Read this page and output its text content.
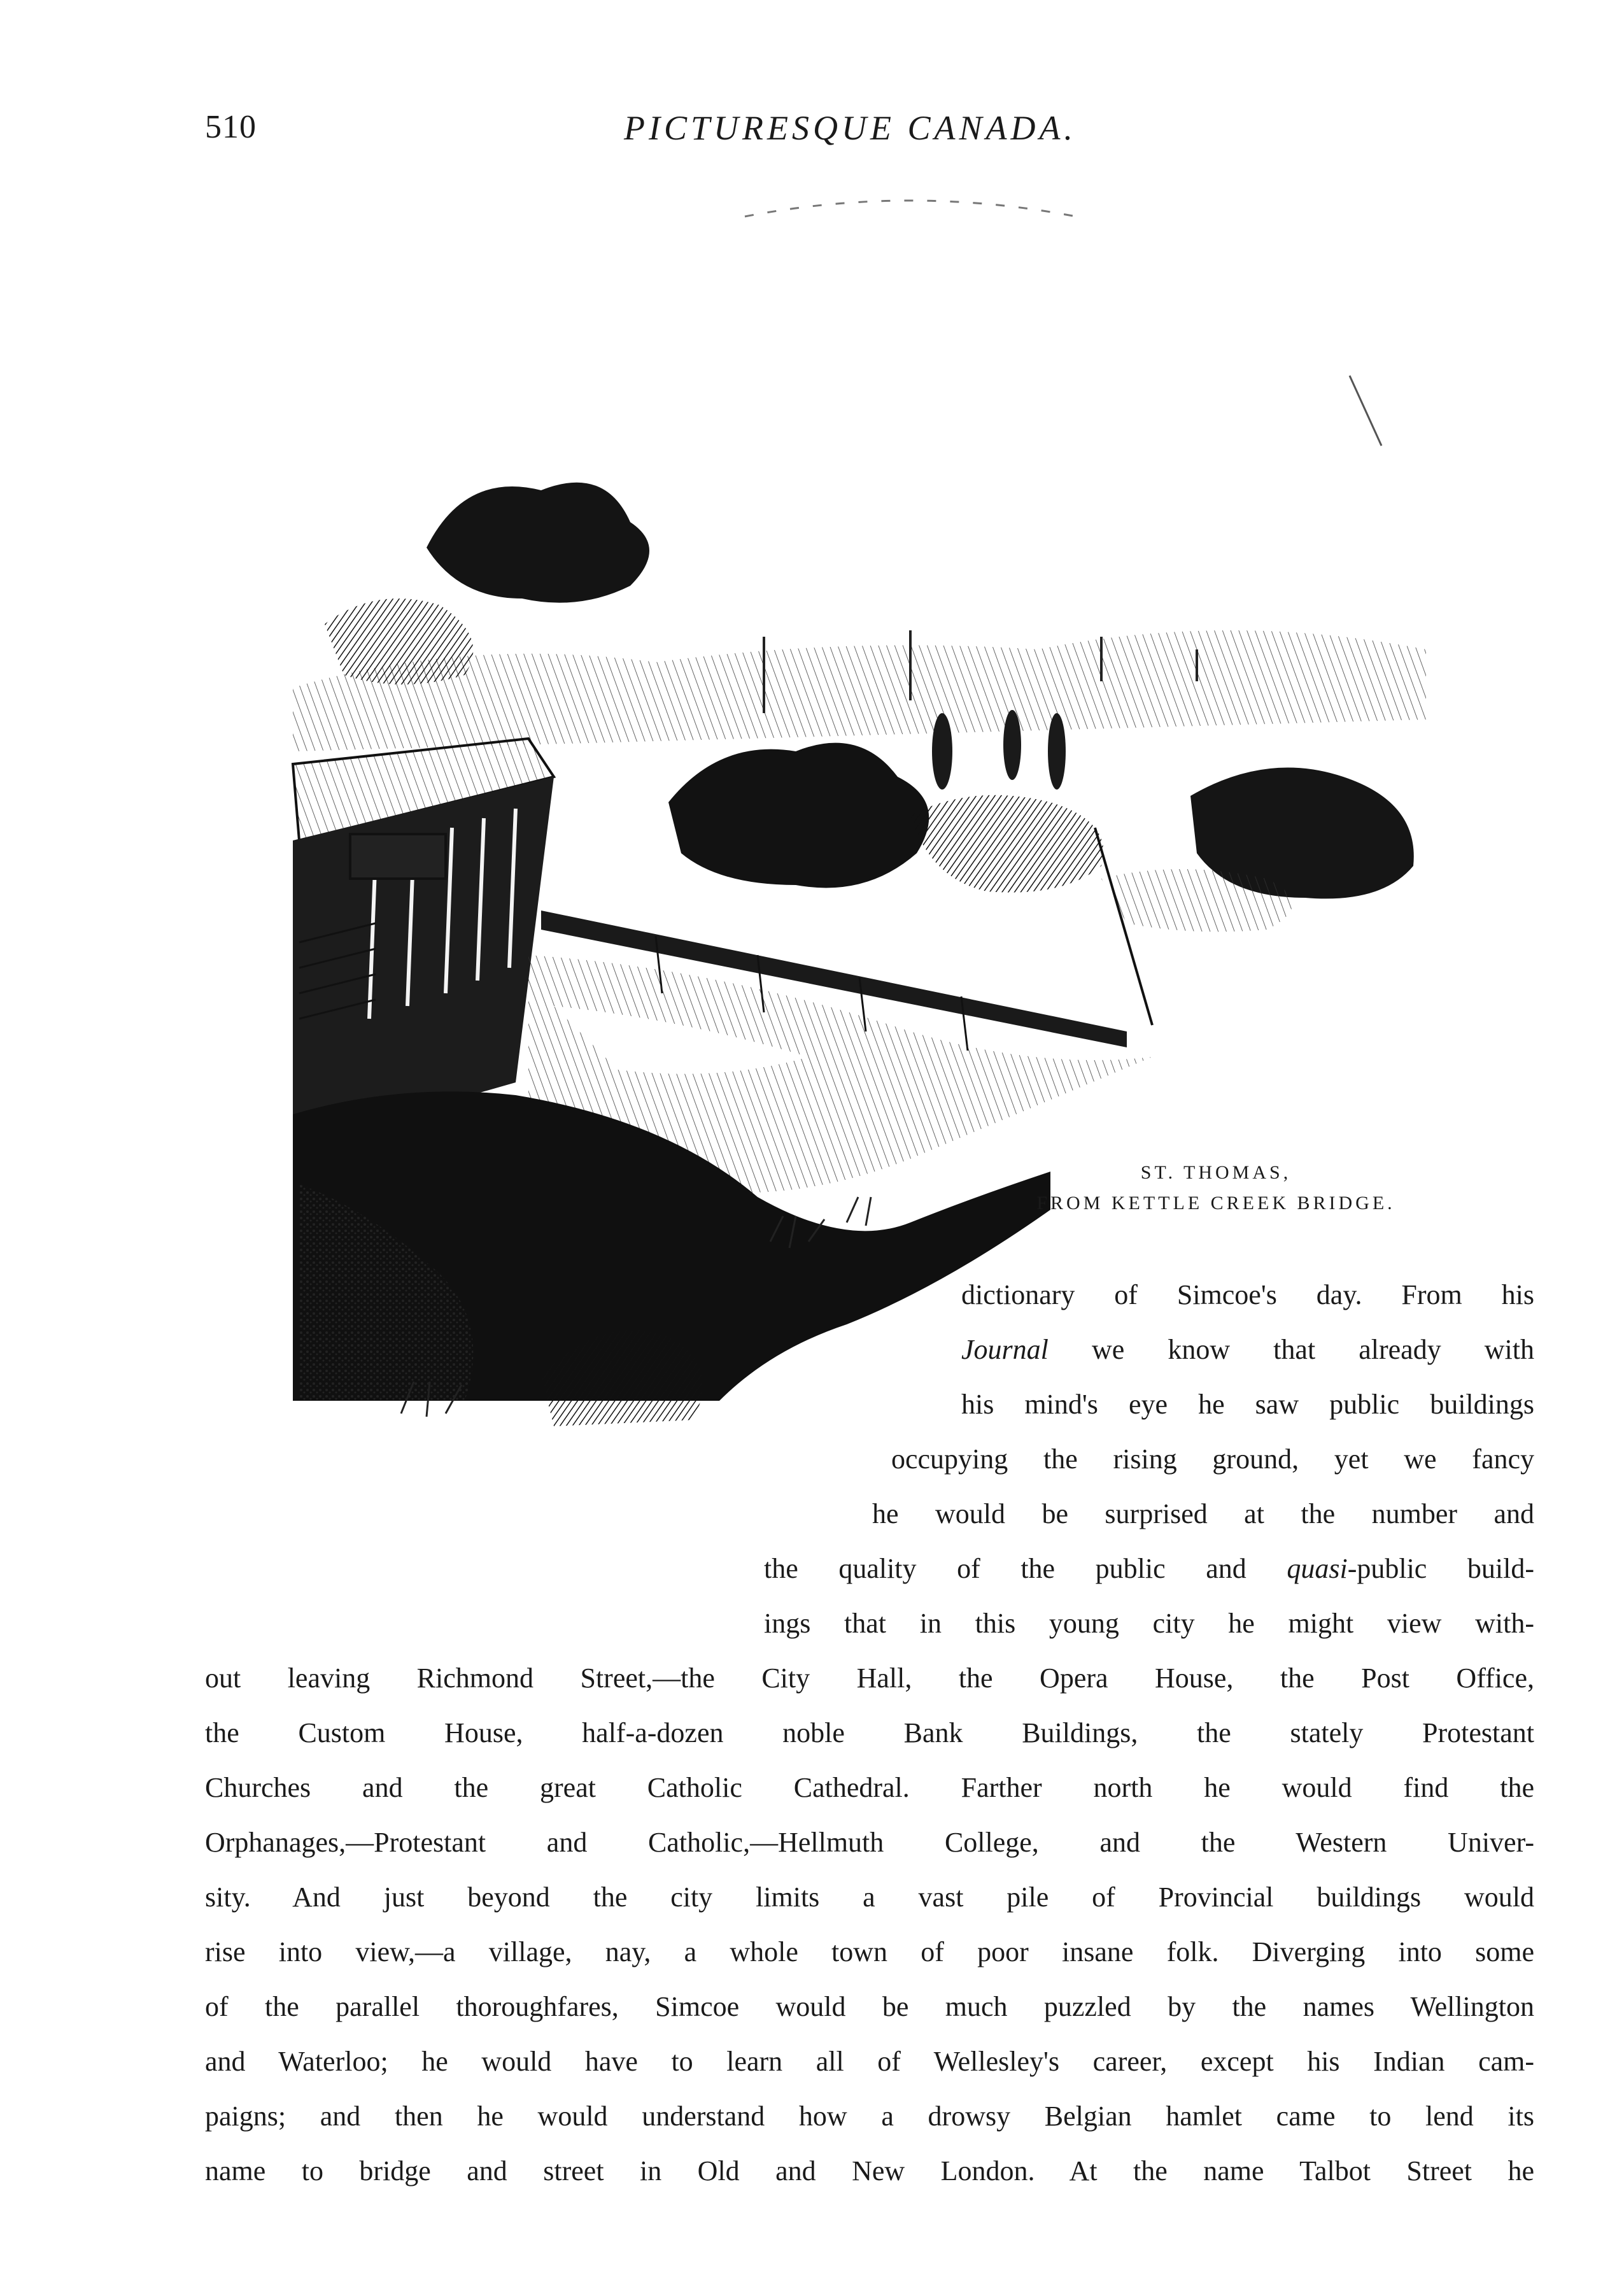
510	PICTURESQUE CANADA.
ST. THOMAS,
FROM KETTLE CREEK BRIDGE.
dictionary of Simcoe's day. From his
Journal we know that already with
his mind's eye he saw public buildings
occupying the rising ground, yet we fancy
he would be surprised at the number and
the quality of the public and quasi-public build-
ings that in this young city he might view with-
out leaving Richmond Street,—the City Hall, the Opera House, the Post Office,
the Custom House, half-a-dozen noble Bank Buildings, the stately Protestant
Churches and the great Catholic Cathedral. Farther north he would find the
Orphanages,—Protestant and Catholic,—Hellmuth College, and the Western Univer-
sity. And just beyond the city limits a vast pile of Provincial buildings would
rise into view,—a village, nay, a whole town of poor insane folk. Diverging into some
of the parallel thoroughfares, Simcoe would be much puzzled by the names Wellington
and Waterloo; he would have to learn all of Wellesley's career, except his Indian cam-
paigns; and then he would understand how a drowsy Belgian hamlet came to lend its
name to bridge and street in Old and New London. At the name Talbot Street he
